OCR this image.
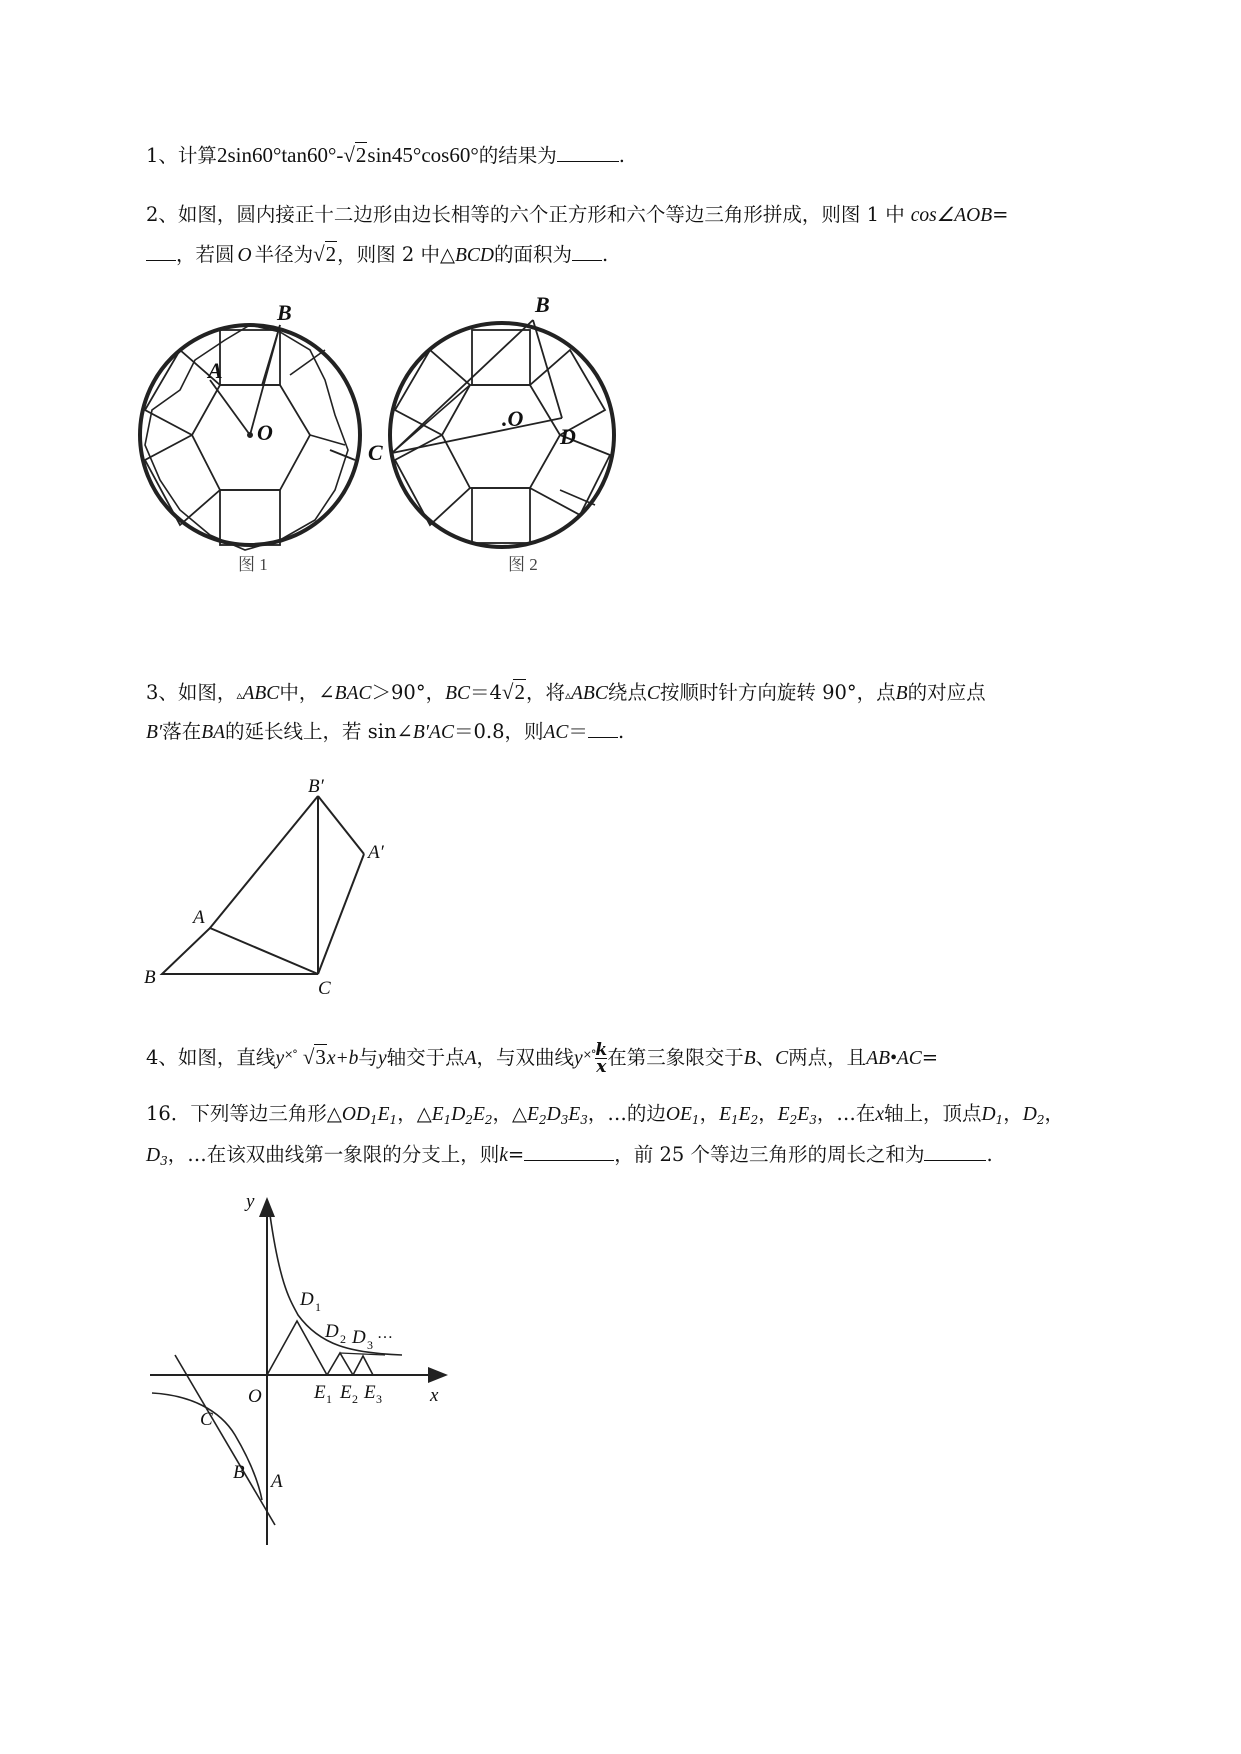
1、计算2sin60°tan60°-√2sin45°cos60°的结果为	.
2、如图，圆内接正十二边形由边长相等的六个正方形和六个等边三角形拼成，则图 1 中 cos∠AOB=
，若圆 O 半径为√2，则图 2 中△BCD的面积为 .
B
A
O
B
.O
D
C
图 1	图 2
3、如图，▵ABC中，∠BAC＞90°，BC＝4√2，将▵ABC绕点C按顺时针方向旋转 90°，点B的对应点
B′落在BA的延长线上，若 sin∠B′AC＝0.8，则AC＝ .
B′
A′
A
B
C
4、如图，直线y×° √3x+b与y轴交于点A，与双曲线$y^{\times^\circ} \frac{k}{x}$ 在第三象限交于B、C两点，且AB•AC=
16．下列等边三角形$\triangle OD_1E_1$，$\triangle E_1D_2E_2$，$\triangle E_2D_3E_3$，…的边$OE_1$，$E_1E_2$，$E_2E_3$，…在x轴上，顶点$D_1$，$D_2$，
$D_3$，…在该双曲线第一象限的分支上，则k=	，前 25 个等边三角形的周长之和为	.
y
x
O
C
B A
D 1
D 2 D 3
…
E 1 E 2 E 3
